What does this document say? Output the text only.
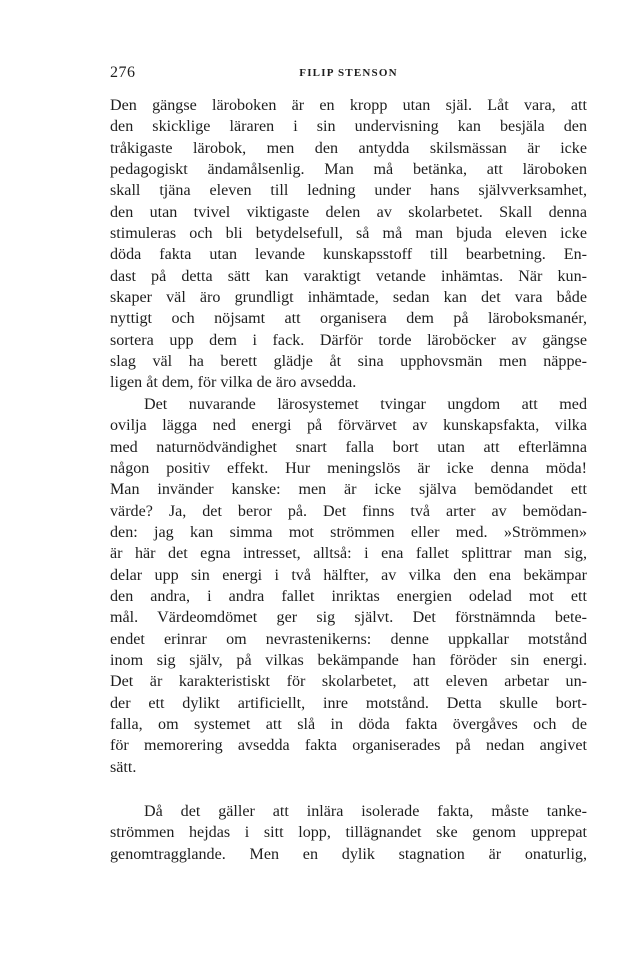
276	FILIP STENSON
Den gängse läroboken är en kropp utan själ. Låt vara, att
den skicklige läraren i sin undervisning kan besjäla den
tråkigaste lärobok, men den antydda skilsmässan är icke
pedagogiskt ändamålsenlig. Man må betänka, att läroboken
skall tjäna eleven till ledning under hans självverksamhet,
den utan tvivel viktigaste delen av skolarbetet. Skall denna
stimuleras och bli betydelsefull, så må man bjuda eleven icke
döda fakta utan levande kunskapsstoff till bearbetning. En-
dast på detta sätt kan varaktigt vetande inhämtas. När kun-
skaper väl äro grundligt inhämtade, sedan kan det vara både
nyttigt och nöjsamt att organisera dem på läroboksmanér,
sortera upp dem i fack. Därför torde läroböcker av gängse
slag väl ha berett glädje åt sina upphovsmän men näppe-
ligen åt dem, för vilka de äro avsedda.
Det nuvarande lärosystemet tvingar ungdom att med
ovilja lägga ned energi på förvärvet av kunskapsfakta, vilka
med naturnödvändighet snart falla bort utan att efterlämna
någon positiv effekt. Hur meningslös är icke denna möda!
Man invänder kanske: men är icke själva bemödandet ett
värde? Ja, det beror på. Det finns två arter av bemödan-
den: jag kan simma mot strömmen eller med. »Strömmen»
är här det egna intresset, alltså: i ena fallet splittrar man sig,
delar upp sin energi i två hälfter, av vilka den ena bekämpar
den andra, i andra fallet inriktas energien odelad mot ett
mål. Värdeomdömet ger sig självt. Det förstnämnda bete-
endet erinrar om nevrastenikerns: denne uppkallar motstånd
inom sig själv, på vilkas bekämpande han föröder sin energi.
Det är karakteristiskt för skolarbetet, att eleven arbetar un-
der ett dylikt artificiellt, inre motstånd. Detta skulle bort-
falla, om systemet att slå in döda fakta övergåves och de
för memorering avsedda fakta organiserades på nedan angivet
sätt.
Då det gäller att inlära isolerade fakta, måste tanke-
strömmen hejdas i sitt lopp, tillägnandet ske genom upprepat
genomtragglande. Men en dylik stagnation är onaturlig,
